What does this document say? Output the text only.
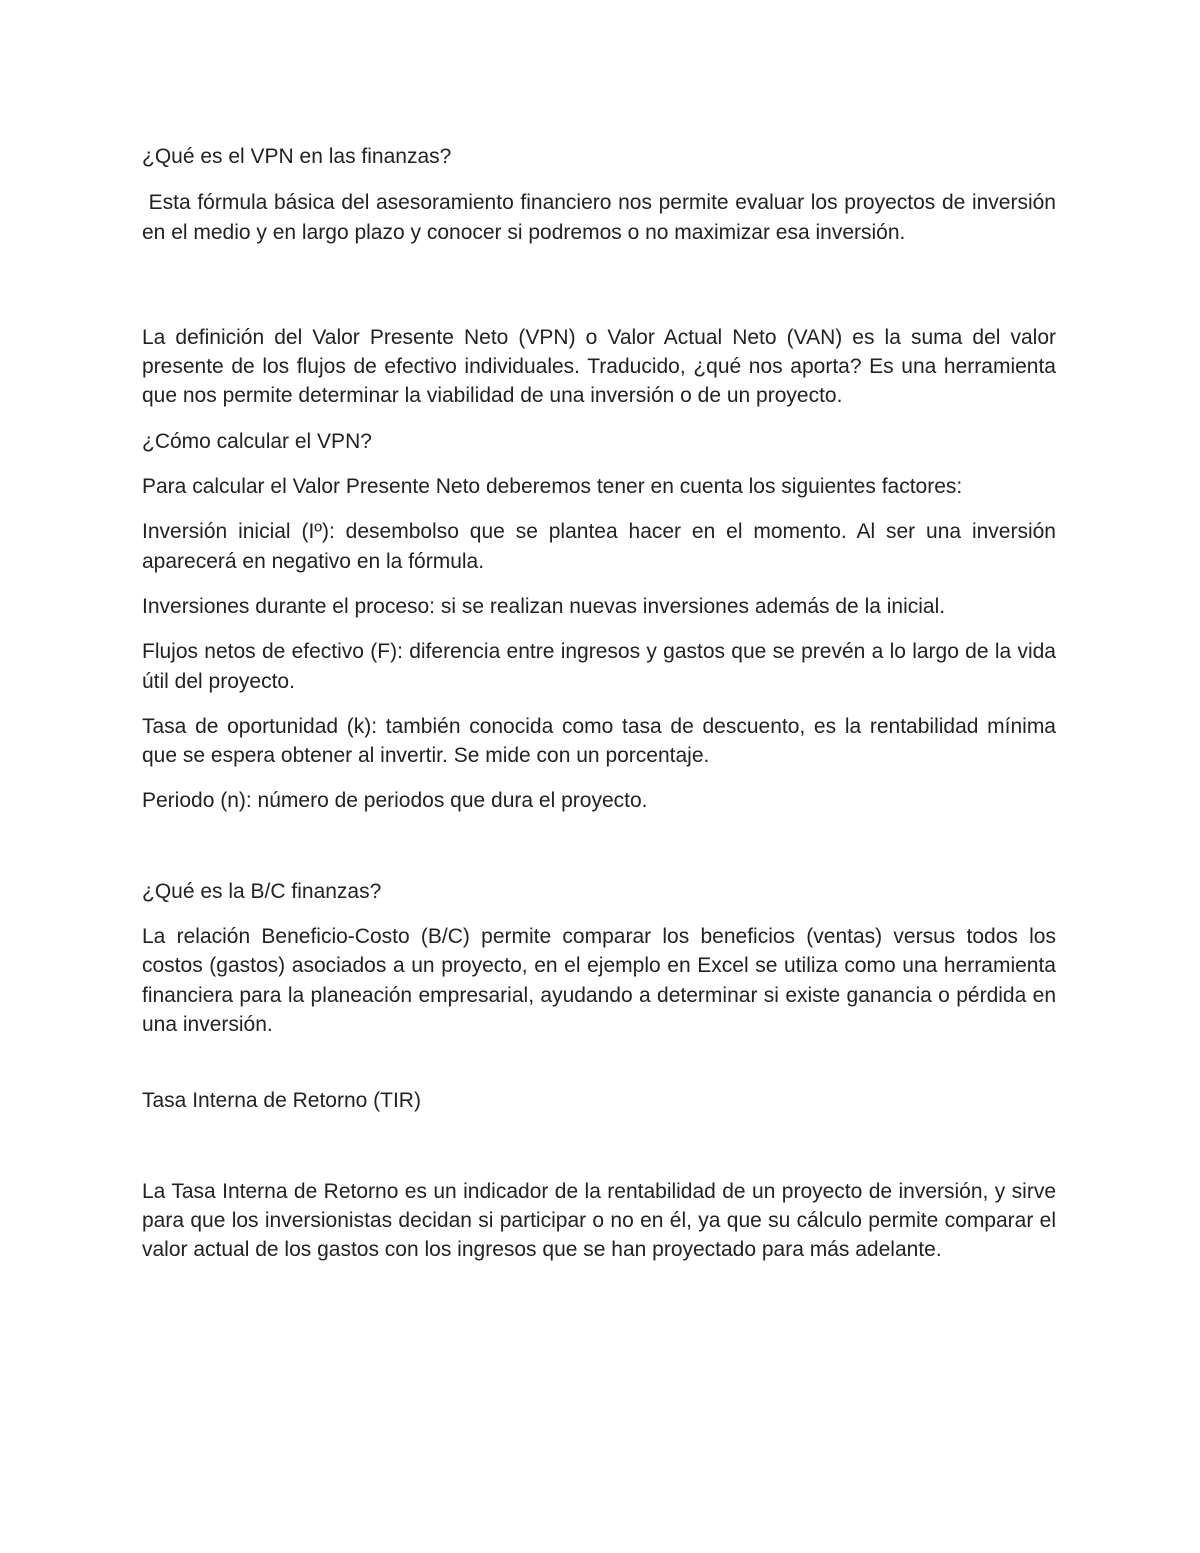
¿Qué es el VPN en las finanzas?

Esta fórmula básica del asesoramiento financiero nos permite evaluar los proyectos de inversión en el medio y en largo plazo y conocer si podremos o no maximizar esa inversión.

La definición del Valor Presente Neto (VPN) o Valor Actual Neto (VAN) es la suma del valor presente de los flujos de efectivo individuales. Traducido, ¿qué nos aporta? Es una herramienta que nos permite determinar la viabilidad de una inversión o de un proyecto.

¿Cómo calcular el VPN?

Para calcular el Valor Presente Neto deberemos tener en cuenta los siguientes factores:

Inversión inicial (Iº): desembolso que se plantea hacer en el momento. Al ser una inversión aparecerá en negativo en la fórmula.

Inversiones durante el proceso: si se realizan nuevas inversiones además de la inicial.

Flujos netos de efectivo (F): diferencia entre ingresos y gastos que se prevén a lo largo de la vida útil del proyecto.

Tasa de oportunidad (k): también conocida como tasa de descuento, es la rentabilidad mínima que se espera obtener al invertir. Se mide con un porcentaje.

Periodo (n): número de periodos que dura el proyecto.

¿Qué es la B/C finanzas?

La relación Beneficio-Costo (B/C) permite comparar los beneficios (ventas) versus todos los costos (gastos) asociados a un proyecto, en el ejemplo en Excel se utiliza como una herramienta financiera para la planeación empresarial, ayudando a determinar si existe ganancia o pérdida en una inversión.

Tasa Interna de Retorno (TIR)

La Tasa Interna de Retorno es un indicador de la rentabilidad de un proyecto de inversión, y sirve para que los inversionistas decidan si participar o no en él, ya que su cálculo permite comparar el valor actual de los gastos con los ingresos que se han proyectado para más adelante.
